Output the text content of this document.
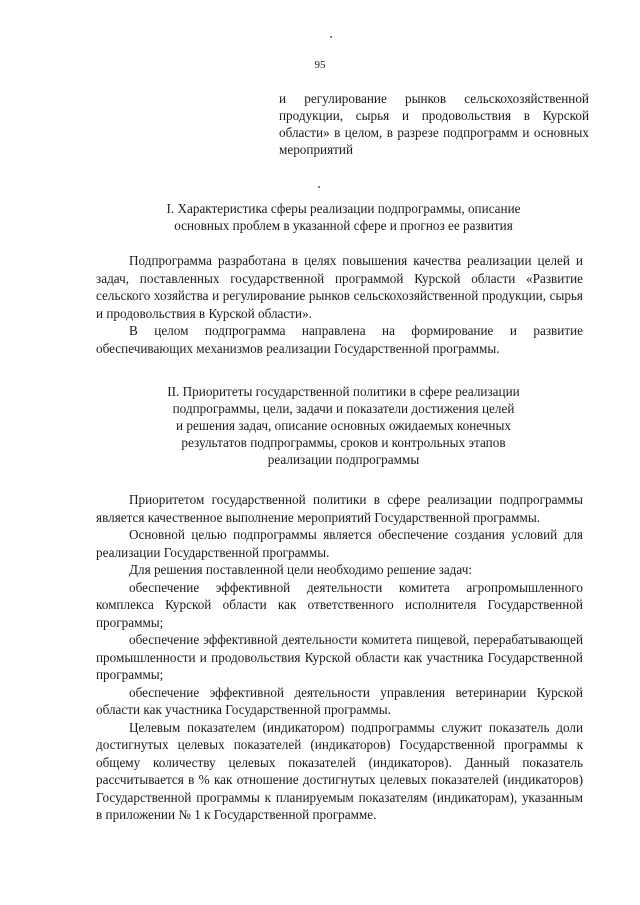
95

и регулирование рынков сельскохозяйственной продукции, сырья и продовольствия в Курской области» в целом, в разрезе подпрограмм и основных мероприятий

I. Характеристика сферы реализации подпрограммы, описание
основных проблем в указанной сфере и прогноз ее развития

Подпрограмма разработана в целях повышения качества реализации целей и задач, поставленных государственной программой Курской области «Развитие сельского хозяйства и регулирование рынков сельскохозяйственной продукции, сырья и продовольствия в Курской области».

В целом подпрограмма направлена на формирование и развитие обеспечивающих механизмов реализации Государственной программы.

II. Приоритеты государственной политики в сфере реализации
подпрограммы, цели, задачи и показатели достижения целей
и решения задач, описание основных ожидаемых конечных
результатов подпрограммы, сроков и контрольных этапов
реализации подпрограммы

Приоритетом государственной политики в сфере реализации подпрограммы является качественное выполнение мероприятий Государственной программы.

Основной целью подпрограммы является обеспечение создания условий для реализации Государственной программы.

Для решения поставленной цели необходимо решение задач:

обеспечение эффективной деятельности комитета агропромышленного комплекса Курской области как ответственного исполнителя Государственной программы;

обеспечение эффективной деятельности комитета пищевой, перерабатывающей промышленности и продовольствия Курской области как участника Государственной программы;

обеспечение эффективной деятельности управления ветеринарии Курской области как участника Государственной программы.

Целевым показателем (индикатором) подпрограммы служит показатель доли достигнутых целевых показателей (индикаторов) Государственной программы к общему количеству целевых показателей (индикаторов). Данный показатель рассчитывается в % как отношение достигнутых целевых показателей (индикаторов) Государственной программы к планируемым показателям (индикаторам), указанным в приложении № 1 к Государственной программе.
